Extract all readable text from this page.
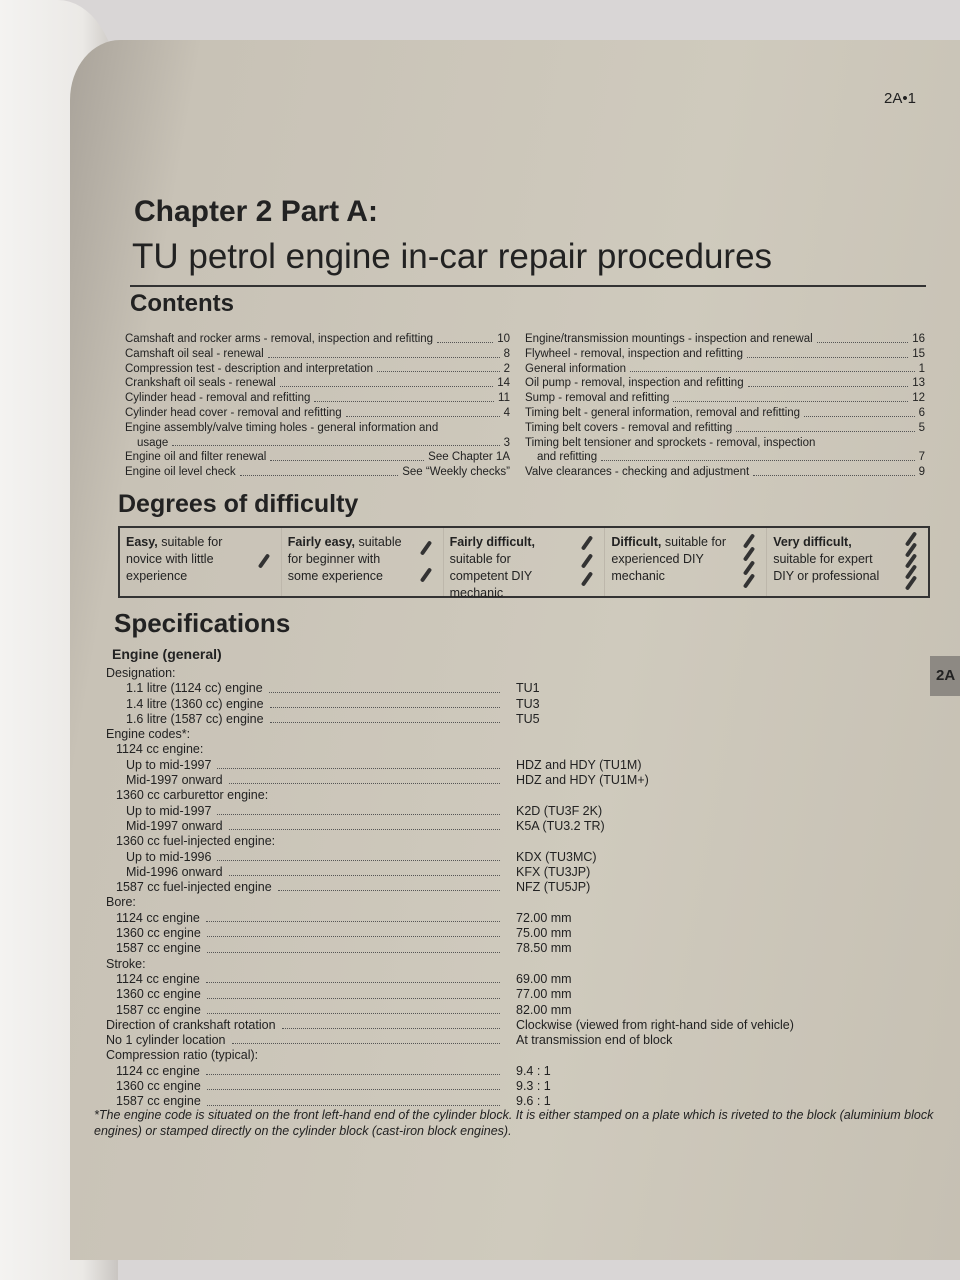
2A•1
Chapter 2 Part A:
TU petrol engine in-car repair procedures
Contents
Camshaft and rocker arms - removal, inspection and refitting	10
Camshaft oil seal - renewal	8
Compression test - description and interpretation	2
Crankshaft oil seals - renewal	14
Cylinder head - removal and refitting	11
Cylinder head cover - removal and refitting	4
Engine assembly/valve timing holes - general information and
usage	3
Engine oil and filter renewal	See Chapter 1A
Engine oil level check	See “Weekly checks”
Engine/transmission mountings - inspection and renewal	16
Flywheel - removal, inspection and refitting	15
General information	1
Oil pump - removal, inspection and refitting	13
Sump - removal and refitting	12
Timing belt - general information, removal and refitting	6
Timing belt covers - removal and refitting	5
Timing belt tensioner and sprockets - removal, inspection
and refitting	7
Valve clearances - checking and adjustment	9
Degrees of difficulty
Easy, suitable for novice with little experience
Fairly easy, suitable for beginner with some experience
Fairly difficult, suitable for competent DIY mechanic
Difficult, suitable for experienced DIY mechanic
Very difficult, suitable for expert DIY or professional
Specifications
Engine (general)
Designation:
1.1 litre (1124 cc) engine	TU1
1.4 litre (1360 cc) engine	TU3
1.6 litre (1587 cc) engine	TU5
Engine codes*:
1124 cc engine:
Up to mid-1997	HDZ and HDY (TU1M)
Mid-1997 onward	HDZ and HDY (TU1M+)
1360 cc carburettor engine:
Up to mid-1997	K2D (TU3F 2K)
Mid-1997 onward	K5A (TU3.2 TR)
1360 cc fuel-injected engine:
Up to mid-1996	KDX (TU3MC)
Mid-1996 onward	KFX (TU3JP)
1587 cc fuel-injected engine	NFZ (TU5JP)
Bore:
1124 cc engine	72.00 mm
1360 cc engine	75.00 mm
1587 cc engine	78.50 mm
Stroke:
1124 cc engine	69.00 mm
1360 cc engine	77.00 mm
1587 cc engine	82.00 mm
Direction of crankshaft rotation	Clockwise (viewed from right-hand side of vehicle)
No 1 cylinder location	At transmission end of block
Compression ratio (typical):
1124 cc engine	9.4 : 1
1360 cc engine	9.3 : 1
1587 cc engine	9.6 : 1

*The engine code is situated on the front left-hand end of the cylinder block. It is either stamped on a plate which is riveted to the block (aluminium block engines) or stamped directly on the cylinder block (cast-iron block engines).

2A
